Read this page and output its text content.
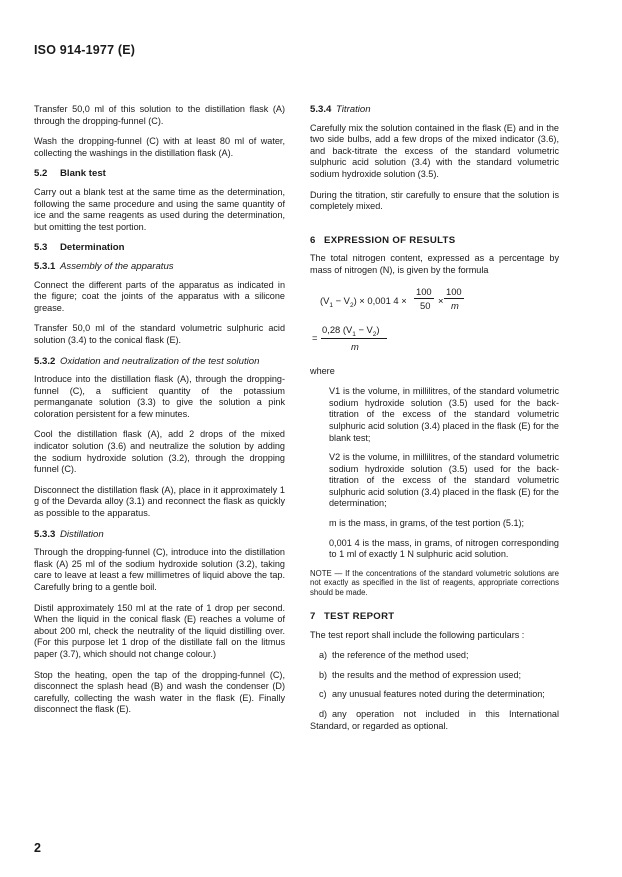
ISO 914-1977 (E)

Transfer 50,0 ml of this solution to the distillation flask (A) through the dropping-funnel (C).

Wash the dropping-funnel (C) with at least 80 ml of water, collecting the washings in the distillation flask (A).

5.2 Blank test

Carry out a blank test at the same time as the determination, following the same procedure and using the same quantity of ice and the same reagents as used during the determination, but omitting the test portion.

5.3 Determination
5.3.1 Assembly of the apparatus

Connect the different parts of the apparatus as indicated in the figure; coat the joints of the apparatus with a silicone grease.

Transfer 50,0 ml of the standard volumetric sulphuric acid solution (3.4) to the conical flask (E).

5.3.2 Oxidation and neutralization of the test solution

Introduce into the distillation flask (A), through the dropping-funnel (C), a sufficient quantity of the potassium permanganate solution (3.3) to give the solution a pink coloration persistent for a few minutes.

Cool the distillation flask (A), add 2 drops of the mixed indicator solution (3.6) and neutralize the solution by adding the sodium hydroxide solution (3.2), through the dropping funnel (C).

Disconnect the distillation flask (A), place in it approximately 1 g of the Devarda alloy (3.1) and reconnect the flask as quickly as possible to the apparatus.

5.3.3 Distillation

Through the dropping-funnel (C), introduce into the distillation flask (A) 25 ml of the sodium hydroxide solution (3.2), taking care to leave at least a few millimetres of liquid above the tap. Carefully bring to a gentle boil.

Distil approximately 150 ml at the rate of 1 drop per second. When the liquid in the conical flask (E) reaches a volume of about 200 ml, check the neutrality of the liquid distilling over. (For this purpose let 1 drop of the distillate fall on the litmus paper (3.7), which should not change colour.)

Stop the heating, open the tap of the dropping-funnel (C), disconnect the splash head (B) and wash the condenser (D) carefully, collecting the wash water in the flask (E). Finally disconnect the flask (E).

5.3.4 Titration

Carefully mix the solution contained in the flask (E) and in the two side bulbs, add a few drops of the mixed indicator (3.6), and back-titrate the excess of the standard volumetric sulphuric acid solution (3.4) with the standard volumetric sodium hydroxide solution (3.5).

During the titration, stir carefully to ensure that the solution is completely mixed.

6 EXPRESSION OF RESULTS

The total nitrogen content, expressed as a percentage by mass of nitrogen (N), is given by the formula

$(V_1 - V_2) \times 0,001$ 4 ×
100
50 ×
100
m
=
0,28 $(V_1 - V_2)$
m

where

V1 is the volume, in millilitres, of the standard volumetric sodium hydroxide solution (3.5) used for the back-titration of the excess of the standard volumetric sulphuric acid solution (3.4) placed in the flask (E) for the blank test;

V2 is the volume, in millilitres, of the standard volumetric sodium hydroxide solution (3.5) used for the back-titration of the excess of the standard volumetric sulphuric acid solution (3.4) placed in the flask (E) for the determination;

m is the mass, in grams, of the test portion (5.1);

0,001 4 is the mass, in grams, of nitrogen corresponding to 1 ml of exactly 1 N sulphuric acid solution.

NOTE — If the concentrations of the standard volumetric solutions are not exactly as specified in the list of reagents, appropriate corrections should be made.

7 TEST REPORT

The test report shall include the following particulars :

a) the reference of the method used;

b) the results and the method of expression used;

c) any unusual features noted during the determination;

d) any operation not included in this International Standard, or regarded as optional.

2
